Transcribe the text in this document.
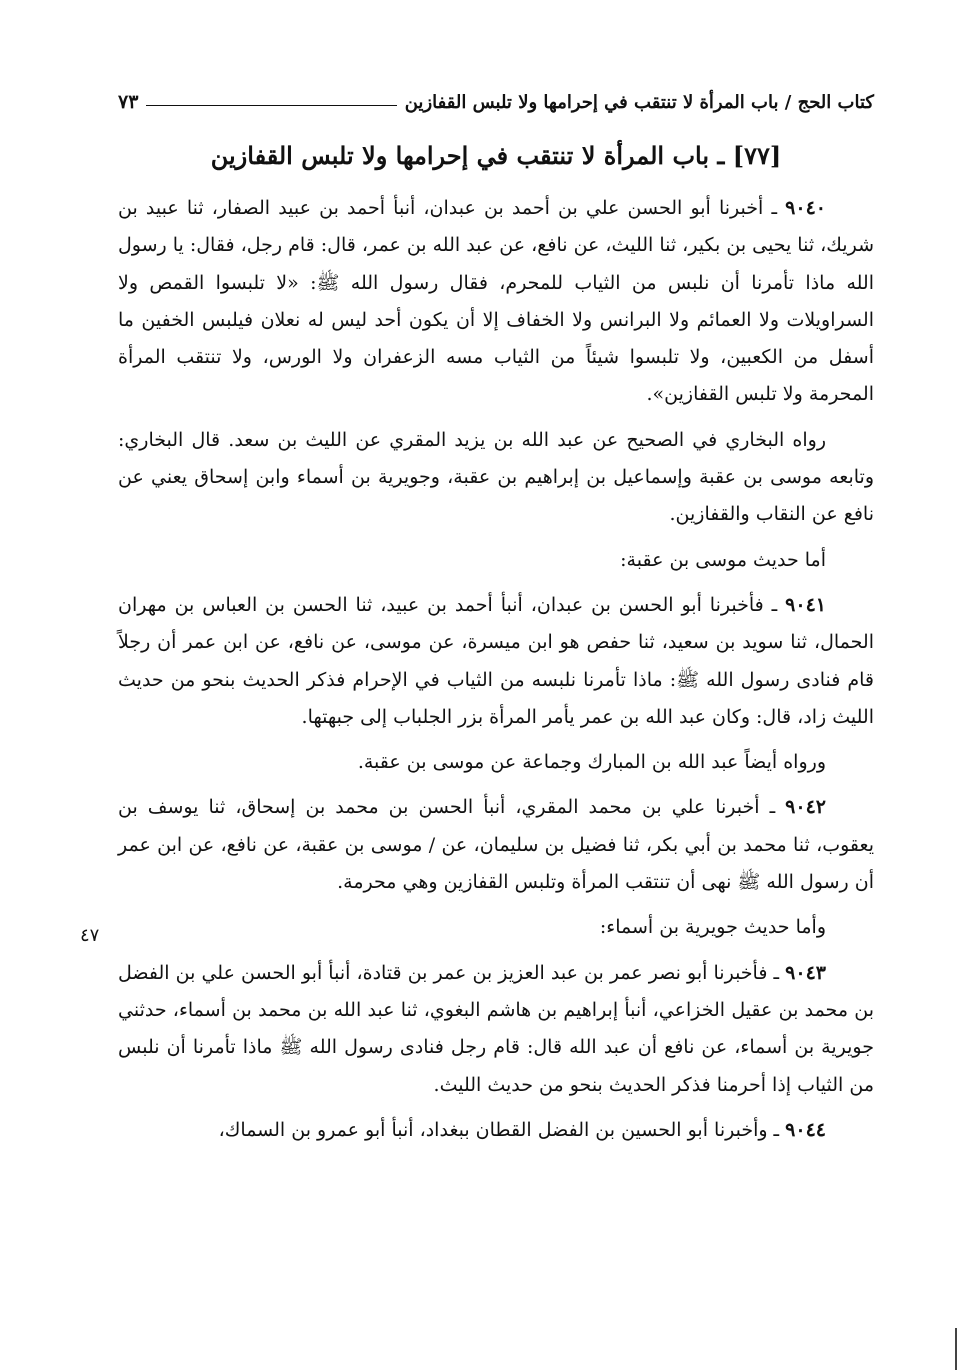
كتاب الحج / باب المرأة لا تنتقب في إحرامها ولا تلبس القفازين
٧٣
[٧٧] ـ باب المرأة لا تنتقب في إحرامها ولا تلبس القفازين

٩٠٤٠ ـ أخبرنا أبو الحسن علي بن أحمد بن عبدان، أنبأ أحمد بن عبيد الصفار، ثنا عبيد بن شريك، ثنا يحيى بن بكير، ثنا الليث، عن نافع، عن عبد الله بن عمر، قال: قام رجل، فقال: يا رسول الله ماذا تأمرنا أن نلبس من الثياب للمحرم، فقال رسول الله ﷺ: «لا تلبسوا القمص ولا السراويلات ولا العمائم ولا البرانس ولا الخفاف إلا أن يكون أحد ليس له نعلان فيلبس الخفين ما أسفل من الكعبين، ولا تلبسوا شيئاً من الثياب مسه الزعفران ولا الورس، ولا تنتقب المرأة المحرمة ولا تلبس القفازين».

رواه البخاري في الصحيح عن عبد الله بن يزيد المقري عن الليث بن سعد. قال البخاري: وتابعه موسى بن عقبة وإسماعيل بن إبراهيم بن عقبة، وجويرية بن أسماء وابن إسحاق يعني عن نافع عن النقاب والقفازين.

أما حديث موسى بن عقبة:

٩٠٤١ ـ فأخبرنا أبو الحسن بن عبدان، أنبأ أحمد بن عبيد، ثنا الحسن بن العباس بن مهران الحمال، ثنا سويد بن سعيد، ثنا حفص هو ابن ميسرة، عن موسى، عن نافع، عن ابن عمر أن رجلاً قام فنادى رسول الله ﷺ: ماذا تأمرنا نلبسه من الثياب في الإحرام فذكر الحديث بنحو من حديث الليث زاد، قال: وكان عبد الله بن عمر يأمر المرأة بزر الجلباب إلى جبهتها.

ورواه أيضاً عبد الله بن المبارك وجماعة عن موسى بن عقبة.

٩٠٤٢ ـ أخبرنا علي بن محمد المقري، أنبأ الحسن بن محمد بن إسحاق، ثنا يوسف بن يعقوب، ثنا محمد بن أبي بكر، ثنا فضيل بن سليمان، عن / موسى بن عقبة، عن نافع، عن ابن عمر أن رسول الله ﷺ نهى أن تنتقب المرأة وتلبس القفازين وهي محرمة.

وأما حديث جويرية بن أسماء:

٩٠٤٣ ـ فأخبرنا أبو نصر عمر بن عبد العزيز بن عمر بن قتادة، أنبأ أبو الحسن علي بن الفضل بن محمد بن عقيل الخزاعي، أنبأ إبراهيم بن هاشم البغوي، ثنا عبد الله بن محمد بن أسماء، حدثني جويرية بن أسماء، عن نافع أن عبد الله قال: قام رجل فنادى رسول الله ﷺ ماذا تأمرنا أن نلبس من الثياب إذا أحرمنا فذكر الحديث بنحو من حديث الليث.

٩٠٤٤ ـ وأخبرنا أبو الحسين بن الفضل القطان ببغداد، أنبأ أبو عمرو بن السماك،

٤٧
